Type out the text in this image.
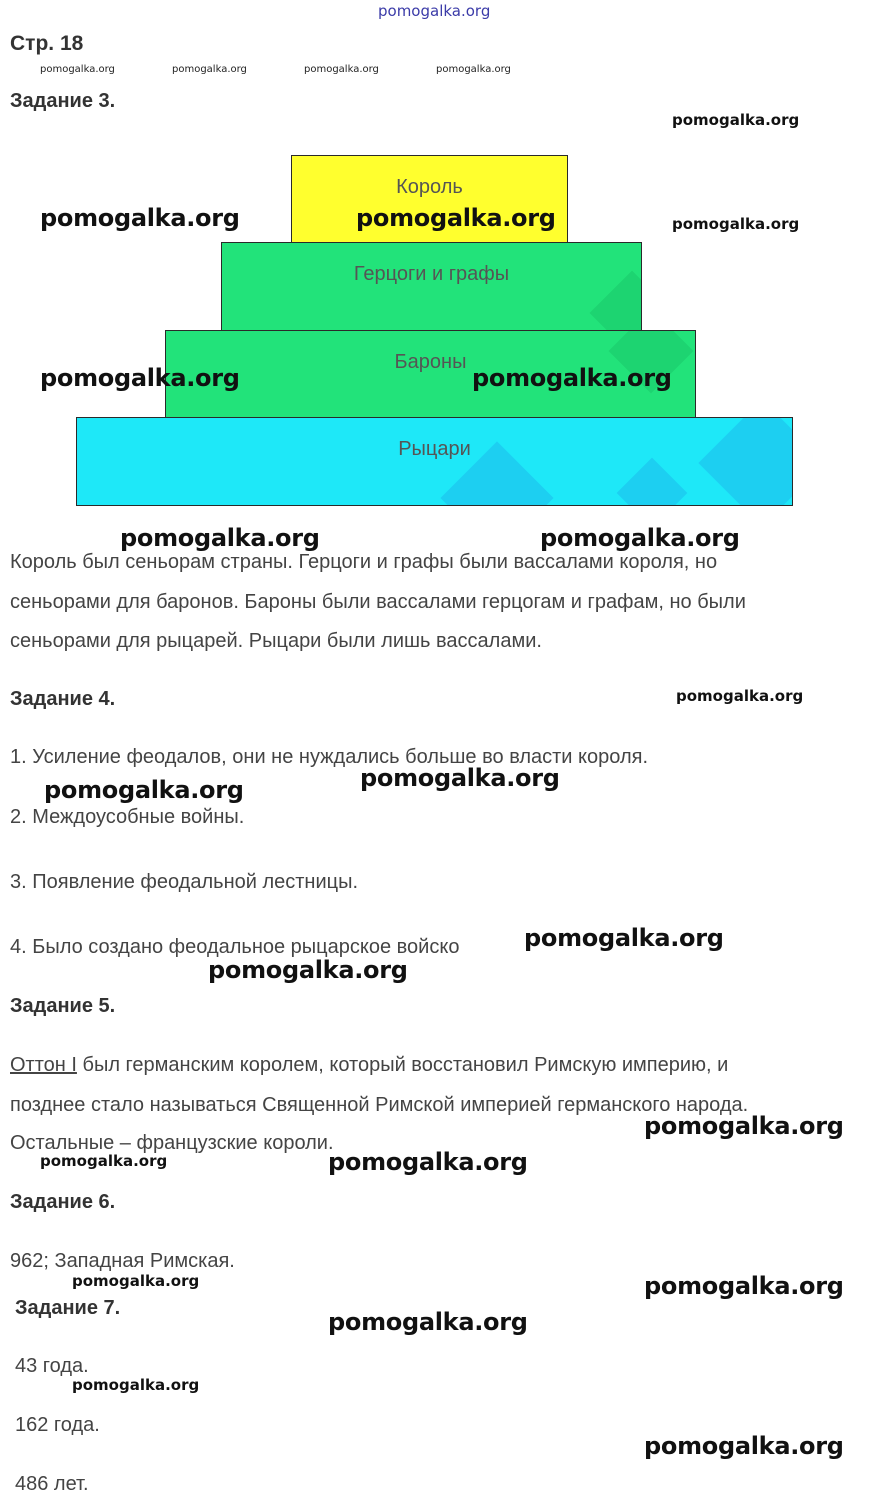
pomogalka.org
Стр. 18
pomogalka.org	pomogalka.org	pomogalka.org	pomogalka.org
Задание 3.
pomogalka.org
Король
Герцоги и графы
Бароны
Рыцари
pomogalka.org	pomogalka.org	pomogalka.org
pomogalka.org	pomogalka.org
pomogalka.org	pomogalka.org
Король был сеньорам страны. Герцоги и графы были вассалами короля, но
сеньорами для баронов. Бароны были вассалами герцогам и графам, но были
сеньорами для рыцарей. Рыцари были лишь вассалами.
Задание 4.	pomogalka.org
1. Усиление феодалов, они не нуждались больше во власти короля.
pomogalka.org
pomogalka.org
2. Междоусобные войны.
3. Появление феодальной лестницы.
4. Было создано феодальное рыцарское войско	pomogalka.org
pomogalka.org
Задание 5.
Оттон I был германским королем, который восстановил Римскую империю, и
позднее стало называться Священной Римской империей германского народа.
Остальные – французские короли.
pomogalka.org
pomogalka.org	pomogalka.org
Задание 6.
962; Западная Римская.
pomogalka.org	pomogalka.org
Задание 7.	pomogalka.org
43 года.
pomogalka.org
162 года.
pomogalka.org
486 лет.
